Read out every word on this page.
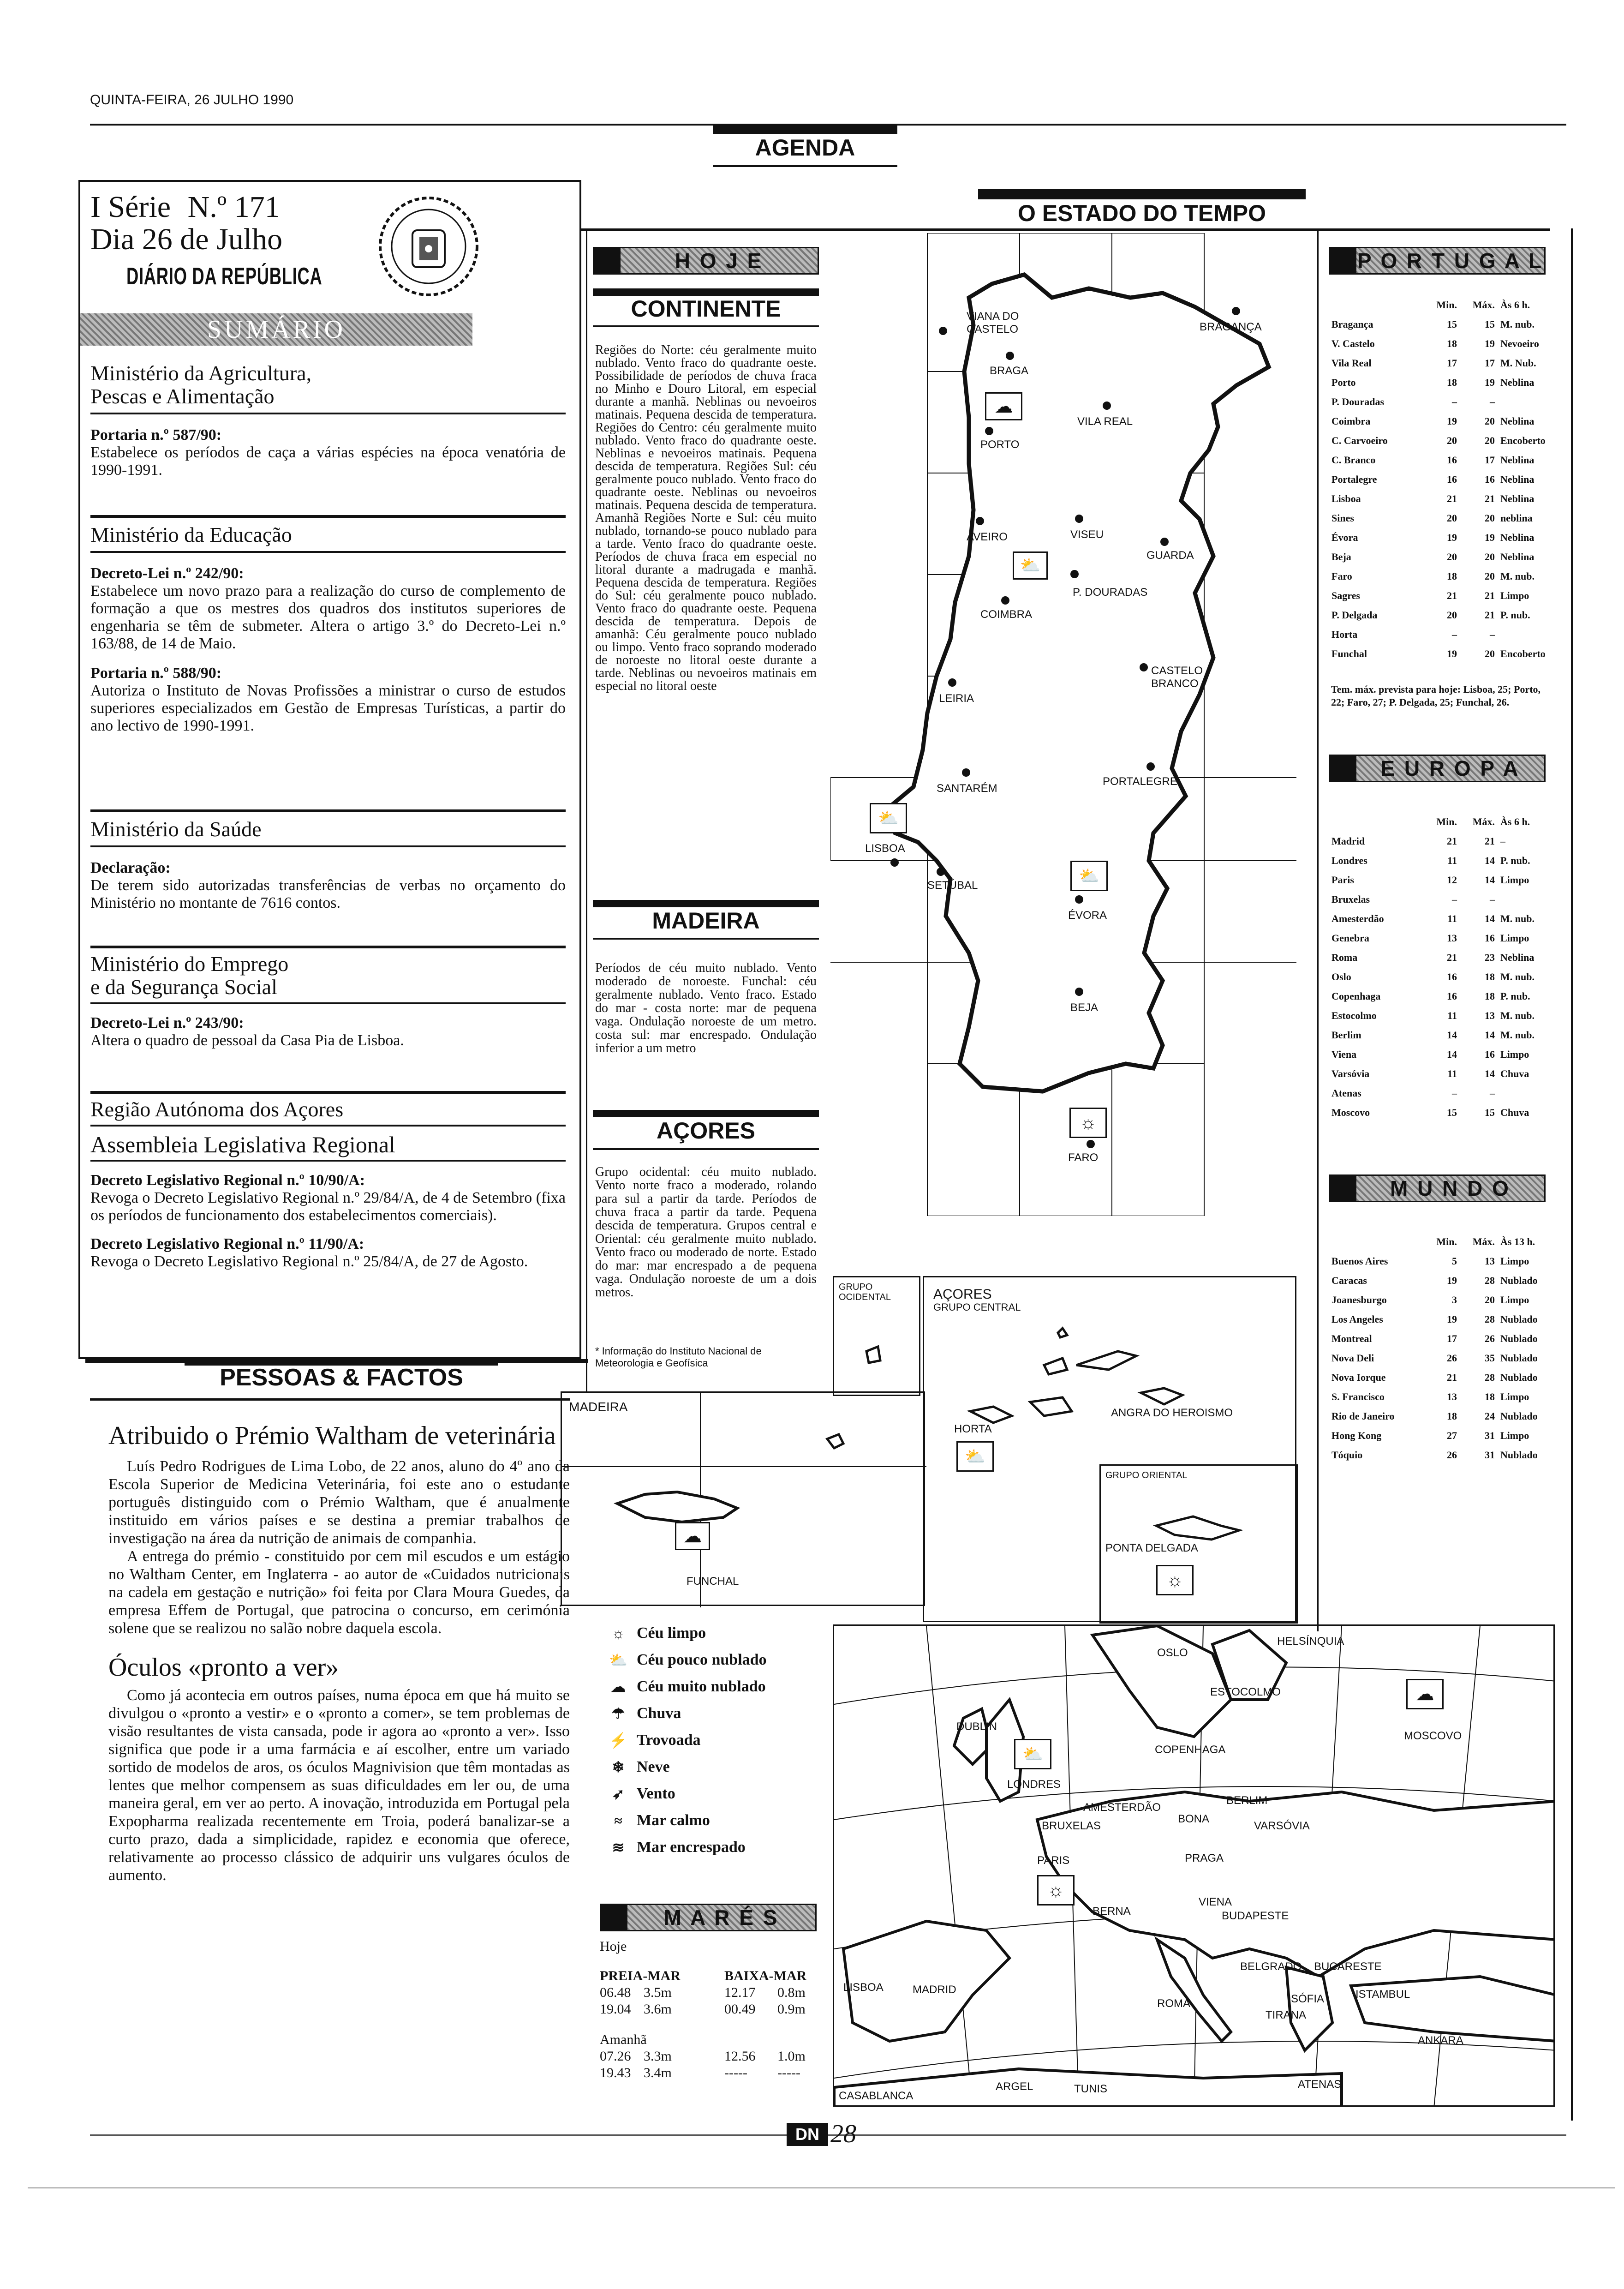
QUINTA-FEIRA, 26 JULHO 1990
AGENDA
I Série N.º 171
Dia 26 de Julho
DIÁRIO DA REPÚBLICA
SUMÁRIO
Ministério da Agricultura,
Pescas e Alimentação
Portaria n.º 587/90:
Estabelece os períodos de caça a várias espécies na época venatória de 1990-1991.
Ministério da Educação
Decreto-Lei n.º 242/90:
Estabelece um novo prazo para a realização do curso de complemento de formação a que os mestres dos quadros dos institutos superiores de engenharia se têm de submeter. Altera o artigo 3.º do Decreto-Lei n.º 163/88, de 14 de Maio.
Portaria n.º 588/90:
Autoriza o Instituto de Novas Profissões a ministrar o curso de estudos superiores especializados em Gestão de Empresas Turísticas, a partir do ano lectivo de 1990-1991.
Ministério da Saúde
Declaração:
De terem sido autorizadas transferências de verbas no orçamento do Ministério no montante de 7616 contos.
Ministério do Emprego
e da Segurança Social
Decreto-Lei n.º 243/90:
Altera o quadro de pessoal da Casa Pia de Lisboa.
Região Autónoma dos Açores
Assembleia Legislativa Regional
Decreto Legislativo Regional n.º 10/90/A:
Revoga o Decreto Legislativo Regional n.º 29/84/A, de 4 de Setembro (fixa os períodos de funcionamento dos estabelecimentos comerciais).
Decreto Legislativo Regional n.º 11/90/A:
Revoga o Decreto Legislativo Regional n.º 25/84/A, de 27 de Agosto.
PESSOAS & FACTOS
Atribuido o Prémio Waltham de veterinária
Luís Pedro Rodrigues de Lima Lobo, de 22 anos, aluno do 4º ano da Escola Superior de Medicina Veterinária, foi este ano o estudante português distinguido com o Prémio Waltham, que é anualmente instituido em vários países e se destina a premiar trabalhos de investigação na área da nutrição de animais de companhia.
A entrega do prémio - constituido por cem mil escudos e um estágio no Waltham Center, em Inglaterra - ao autor de «Cuidados nutricionais na cadela em gestação e nutrição» foi feita por Clara Moura Guedes, da empresa Effem de Portugal, que patrocina o concurso, em cerimónia solene que se realizou no salão nobre daquela escola.
Óculos «pronto a ver»
Como já acontecia em outros países, numa época em que há muito se divulgou o «pronto a vestir» e o «pronto a comer», se tem problemas de visão resultantes de vista cansada, pode ir agora ao «pronto a ver». Isso significa que pode ir a uma farmácia e aí escolher, entre um variado sortido de modelos de aros, os óculos Magnivision que têm montadas as lentes que melhor compensem as suas dificuldades em ler ou, de uma maneira geral, em ver ao perto. A inovação, introduzida em Portugal pela Expopharma realizada recentemente em Troia, poderá banalizar-se a curto prazo, dada a simplicidade, rapidez e economia que oferece, relativamente ao processo clássico de adquirir uns vulgares óculos de aumento.
O ESTADO DO TEMPO
H O J E
CONTINENTE
Regiões do Norte: céu geralmente muito nublado. Vento fraco do quadrante oeste. Possibilidade de períodos de chuva fraca no Minho e Douro Litoral, em especial durante a manhã. Neblinas ou nevoeiros matinais. Pequena descida de temperatura. Regiões do Centro: céu geralmente muito nublado. Vento fraco do quadrante oeste. Neblinas e nevoeiros matinais. Pequena descida de temperatura. Regiões Sul: céu geralmente pouco nublado. Vento fraco do quadrante oeste. Neblinas ou nevoeiros matinais. Pequena descida de temperatura. Amanhã Regiões Norte e Sul: céu muito nublado, tornando-se pouco nublado para a tarde. Vento fraco do quadrante oeste. Períodos de chuva fraca em especial no litoral durante a madrugada e manhã. Pequena descida de temperatura. Regiões do Sul: céu geralmente pouco nublado. Vento fraco do quadrante oeste. Pequena descida de temperatura. Depois de amanhã: Céu geralmente pouco nublado ou limpo. Vento fraco soprando moderado de noroeste no litoral oeste durante a tarde. Neblinas ou nevoeiros matinais em especial no litoral oeste
MADEIRA
Períodos de céu muito nublado. Vento moderado de noroeste. Funchal: céu geralmente nublado. Vento fraco. Estado do mar - costa norte: mar de pequena vaga. Ondulação noroeste de um metro. costa sul: mar encrespado. Ondulação inferior a um metro
AÇORES
Grupo ocidental: céu muito nublado. Vento norte fraco a moderado, rolando para sul a partir da tarde. Períodos de chuva fraca a partir da tarde. Pequena descida de temperatura. Grupos central e Oriental: céu geralmente muito nublado. Vento fraco ou moderado de norte. Estado do mar: mar encrespado a de pequena vaga. Ondulação noroeste de um a dois metros.
* Informação do Instituto Nacional de Meteorologia e Geofísica
VIANA DO CASTELO
BRAGA
BRAGANÇA
☁
PORTO
VILA REAL
AVEIRO	VISEU
GUARDA
⛅
P. DOURADAS
COIMBRA
CASTELO BRANCO
LEIRIA
SANTARÉM
PORTALEGRE
⛅
LISBOA
SETÚBAL
⛅
ÉVORA
BEJA
☼
FARO
AÇORES
GRUPO CENTRAL
HORTA
⛅
ANGRA DO HEROISMO
GRUPO ORIENTAL
PONTA DELGADA
☼
GRUPO OCIDENTAL
MADEIRA
☁
FUNCHAL
☼ Céu limpo
⛅ Céu pouco nublado
☁ Céu muito nublado
☂ Chuva
⚡ Trovoada
❄ Neve
➶ Vento
≈ Mar calmo
≋ Mar encrespado
M A R É S
Hoje
PREIA-MAR	BAIXA-MAR
06.48 3.5m	12.17	0.8m
19.04 3.6m	00.49	0.9m
Amanhã
07.26 3.3m	12.56	1.0m
19.43 3.4m	-----	-----
HELSÍNQUIA
OSLO
ESTOCOLMO	☁
MOSCOVO
DUBLIN
COPENHAGA
⛅
LONDRES
AMESTERDÃO
BERLIM
BRUXELAS
BONA
VARSÓVIA
PARIS
☼
PRAGA
BERNA
VIENA
BUDAPESTE
BELGRADO BUCARESTE
LISBOA	MADRID
ROMA	SÓFIA	ISTAMBUL
TIRANA
ANKARA
ARGEL	TUNIS
CASABLANCA
ATENAS
P O R T U G A L
	Min.	Máx.	Às 6 h.
Bragança	15	15	M. nub.
V. Castelo	18	19	Nevoeiro
Vila Real	17	17	M. Nub.
Porto	18	19	Neblina
P. Douradas	–	–	
Coimbra	19	20	Neblina
C. Carvoeiro	20	20	Encoberto
C. Branco	16	17	Neblina
Portalegre	16	16	Neblina
Lisboa	21	21	Neblina
Sines	20	20	neblina
Évora	19	19	Neblina
Beja	20	20	Neblina
Faro	18	20	M. nub.
Sagres	21	21	Limpo
P. Delgada	20	21	P. nub.
Horta	–	–	
Funchal	19	20	Encoberto
Tem. máx. prevista para hoje: Lisboa, 25; Porto, 22; Faro, 27; P. Delgada, 25; Funchal, 26.
E U R O P A
	Min.	Máx.	Às 6 h.
Madrid	21	21	–
Londres	11	14	P. nub.
Paris	12	14	Limpo
Bruxelas	–	–	
Amesterdão	11	14	M. nub.
Genebra	13	16	Limpo
Roma	21	23	Neblina
Oslo	16	18	M. nub.
Copenhaga	16	18	P. nub.
Estocolmo	11	13	M. nub.
Berlim	14	14	M. nub.
Viena	14	16	Limpo
Varsóvia	11	14	Chuva
Atenas	–	–	
Moscovo	15	15	Chuva
M U N D O
	Min.	Máx.	Às 13 h.
Buenos Aires	5	13	Limpo
Caracas	19	28	Nublado
Joanesburgo	3	20	Limpo
Los Angeles	19	28	Nublado
Montreal	17	26	Nublado
Nova Deli	26	35	Nublado
Nova Iorque	21	28	Nublado
S. Francisco	13	18	Limpo
Rio de Janeiro	18	24	Nublado
Hong Kong	27	31	Limpo
Tóquio	26	31	Nublado
DN 28
